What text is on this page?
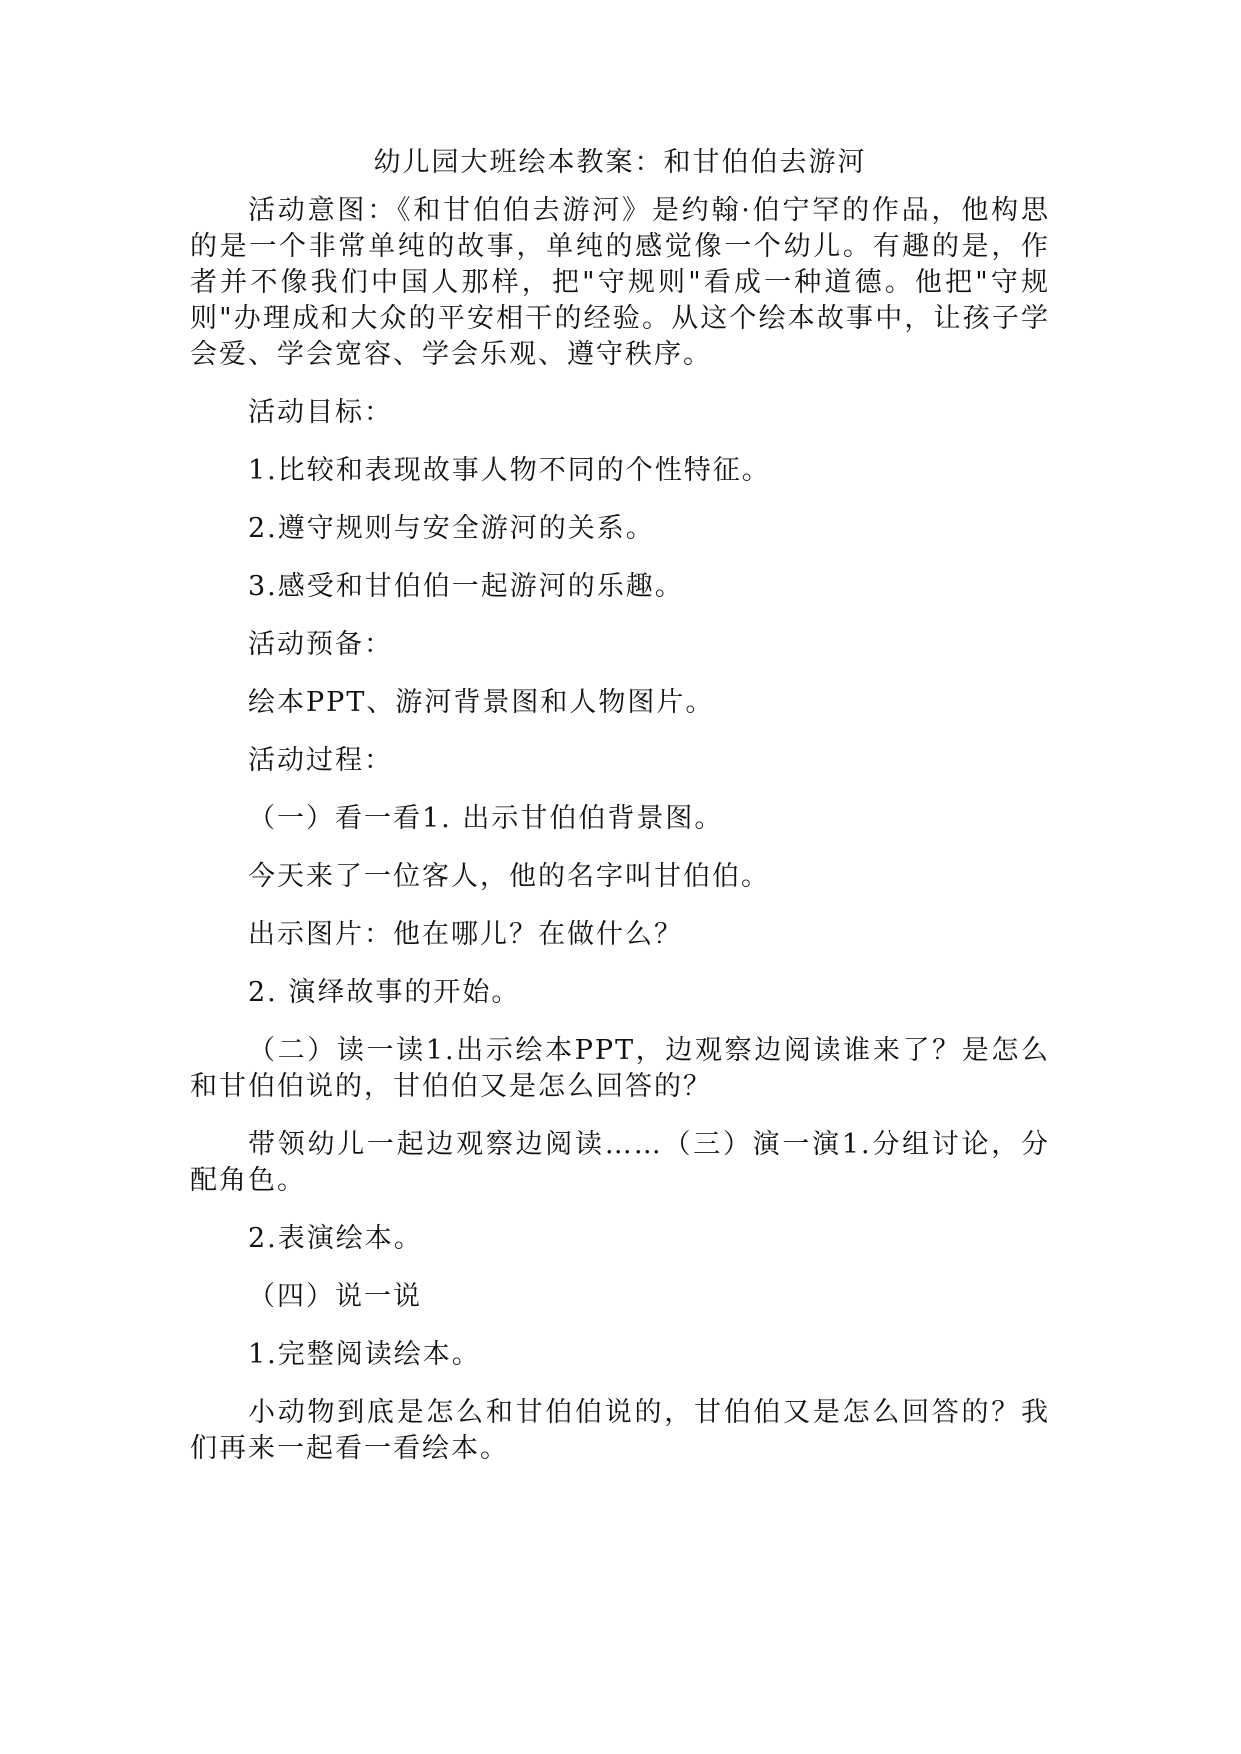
幼儿园大班绘本教案：和甘伯伯去游河

活动意图：《和甘伯伯去游河》是约翰·伯宁罕的作品，他构思的是一个非常单纯的故事，单纯的感觉像一个幼儿。有趣的是，作者并不像我们中国人那样，把"守规则"看成一种道德。他把"守规则"办理成和大众的平安相干的经验。从这个绘本故事中，让孩子学会爱、学会宽容、学会乐观、遵守秩序。

活动目标：

1.比较和表现故事人物不同的个性特征。

2.遵守规则与安全游河的关系。

3.感受和甘伯伯一起游河的乐趣。

活动预备：

绘本PPT、游河背景图和人物图片。

活动过程：

（一）看一看1. 出示甘伯伯背景图。

今天来了一位客人，他的名字叫甘伯伯。

出示图片：他在哪儿？在做什么？

2. 演绎故事的开始。

（二）读一读1.出示绘本PPT，边观察边阅读谁来了？是怎么和甘伯伯说的，甘伯伯又是怎么回答的？

带领幼儿一起边观察边阅读……（三）演一演1.分组讨论，分配角色。

2.表演绘本。

（四）说一说

1.完整阅读绘本。

小动物到底是怎么和甘伯伯说的，甘伯伯又是怎么回答的？我们再来一起看一看绘本。
